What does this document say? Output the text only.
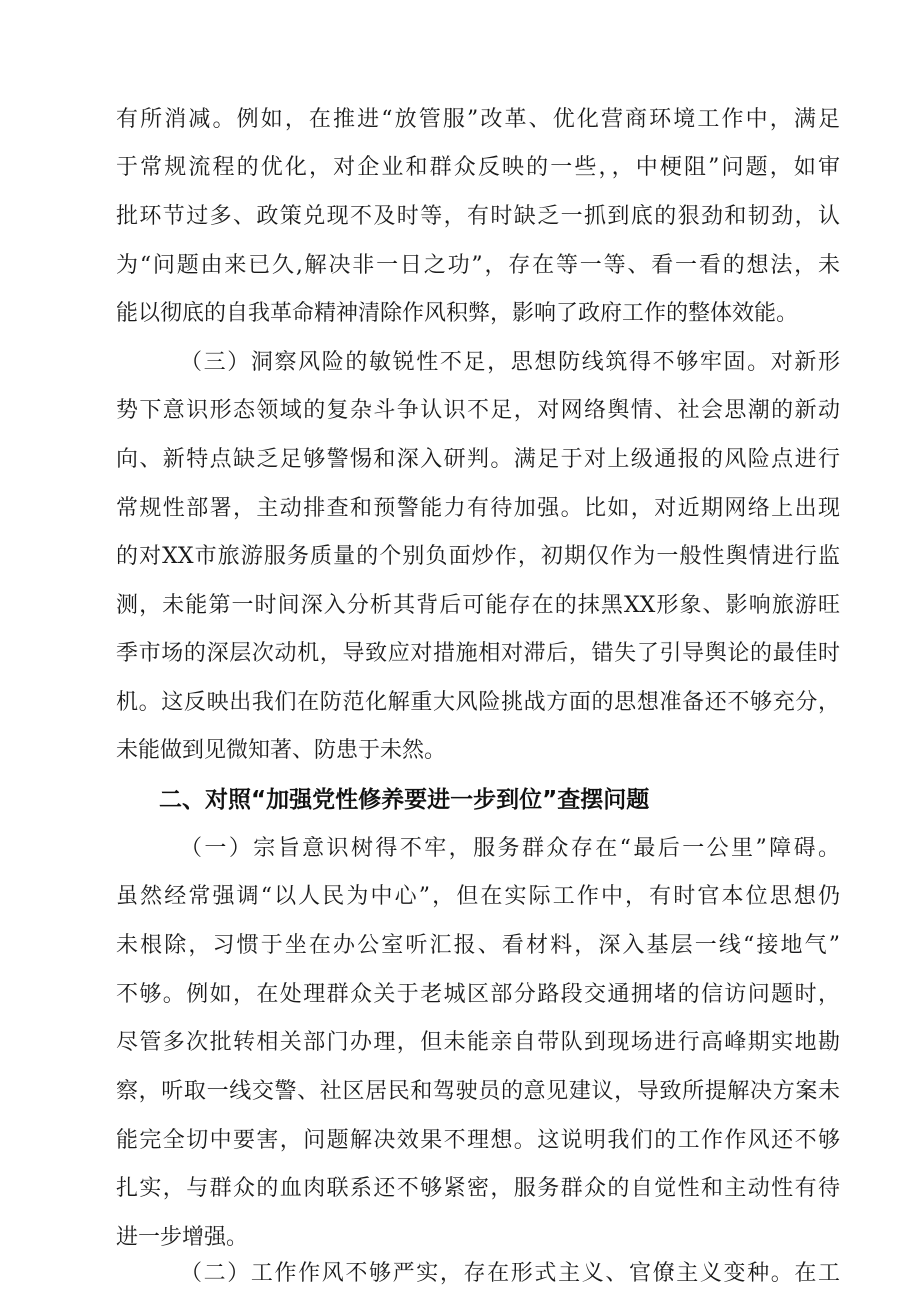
有所消减。例如，在推进“放管服”改革、优化营商环境工作中，满足
于常规流程的优化，对企业和群众反映的一些，，中梗阻”问题，如审
批环节过多、政策兑现不及时等，有时缺乏一抓到底的狠劲和韧劲，认
为“问题由来已久,解决非一日之功”，存在等一等、看一看的想法，未
能以彻底的自我革命精神清除作风积弊，影响了政府工作的整体效能。
（三）洞察风险的敏锐性不足，思想防线筑得不够牢固。对新形
势下意识形态领域的复杂斗争认识不足，对网络舆情、社会思潮的新动
向、新特点缺乏足够警惕和深入研判。满足于对上级通报的风险点进行
常规性部署，主动排查和预警能力有待加强。比如，对近期网络上出现
的对XX市旅游服务质量的个别负面炒作，初期仅作为一般性舆情进行监
测，未能第一时间深入分析其背后可能存在的抹黑XX形象、影响旅游旺
季市场的深层次动机，导致应对措施相对滞后，错失了引导舆论的最佳时
机。这反映出我们在防范化解重大风险挑战方面的思想准备还不够充分，
未能做到见微知著、防患于未然。
二、对照“加强党性修养要进一步到位”查摆问题
（一）宗旨意识树得不牢，服务群众存在“最后一公里”障碍。
虽然经常强调“以人民为中心”，但在实际工作中，有时官本位思想仍
未根除，习惯于坐在办公室听汇报、看材料，深入基层一线“接地气”
不够。例如，在处理群众关于老城区部分路段交通拥堵的信访问题时，
尽管多次批转相关部门办理，但未能亲自带队到现场进行高峰期实地勘
察，听取一线交警、社区居民和驾驶员的意见建议，导致所提解决方案未
能完全切中要害，问题解决效果不理想。这说明我们的工作作风还不够
扎实，与群众的血肉联系还不够紧密，服务群众的自觉性和主动性有待
进一步增强。
（二）工作作风不够严实，存在形式主义、官僚主义变种。在工
